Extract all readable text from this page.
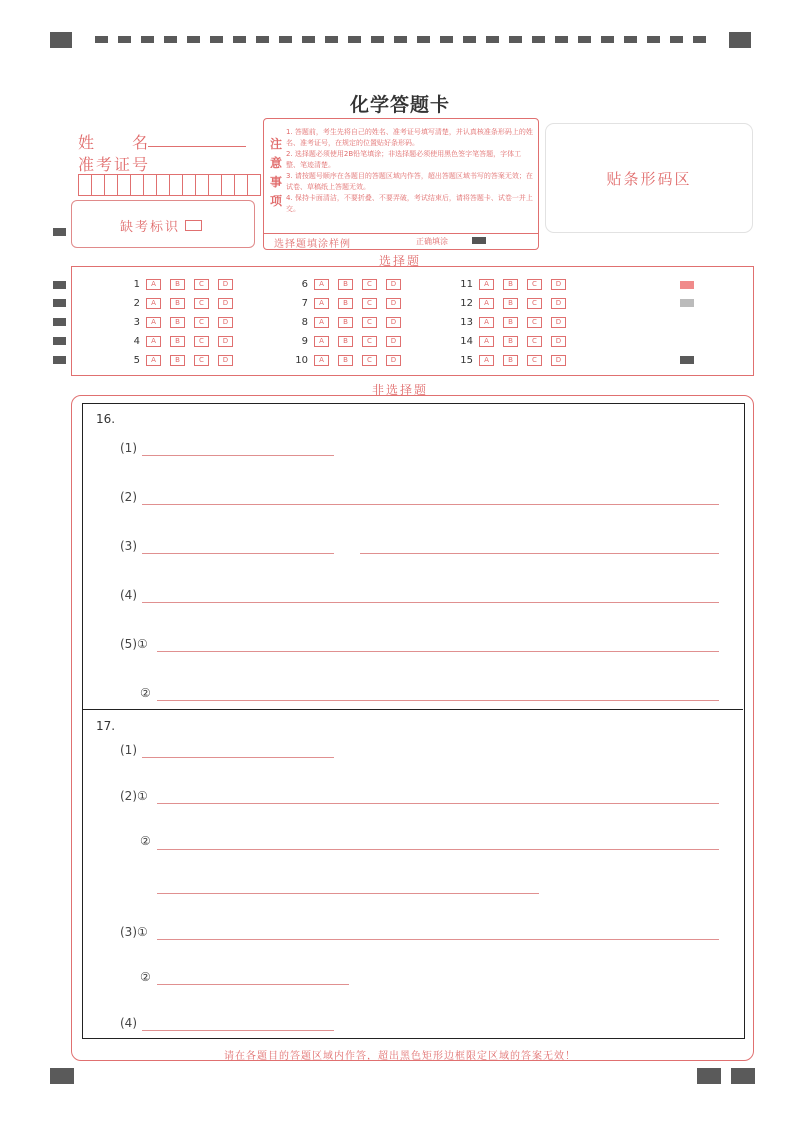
化学答题卡
姓　　名
准考证号
缺考标识
注意事项
1. 答题前，考生先将自己的姓名、准考证号填写清楚，并认真核准条形码上的姓名、准考证号，在规定的位置贴好条形码。
2. 选择题必须使用2B铅笔填涂；非选择题必须使用黑色签字笔答题，字体工整、笔迹清楚。
3. 请按题号顺序在各题目的答题区域内作答，超出答题区域书写的答案无效；在试卷、草稿纸上答题无效。
4. 保持卡面清洁，不要折叠、不要弄破，考试结束后，请将答题卡、试卷一并上交。
选择题填涂样例	正确填涂
贴条形码区
选择题
1	A	B	C	D
2	A	B	C	D
3	A	B	C	D
4	A	B	C	D
5	A	B	C	D
6	A	B	C	D
7	A	B	C	D
8	A	B	C	D
9	A	B	C	D
10	A	B	C	D
11	A	B	C	D
12	A	B	C	D
13	A	B	C	D
14	A	B	C	D
15	A	B	C	D
非选择题
16.
(1)
(2)
(3)
(4)
(5)①
②
17.
(1)
(2)①
②
(3)①
②
(4)
请在各题目的答题区域内作答，超出黑色矩形边框限定区域的答案无效！
